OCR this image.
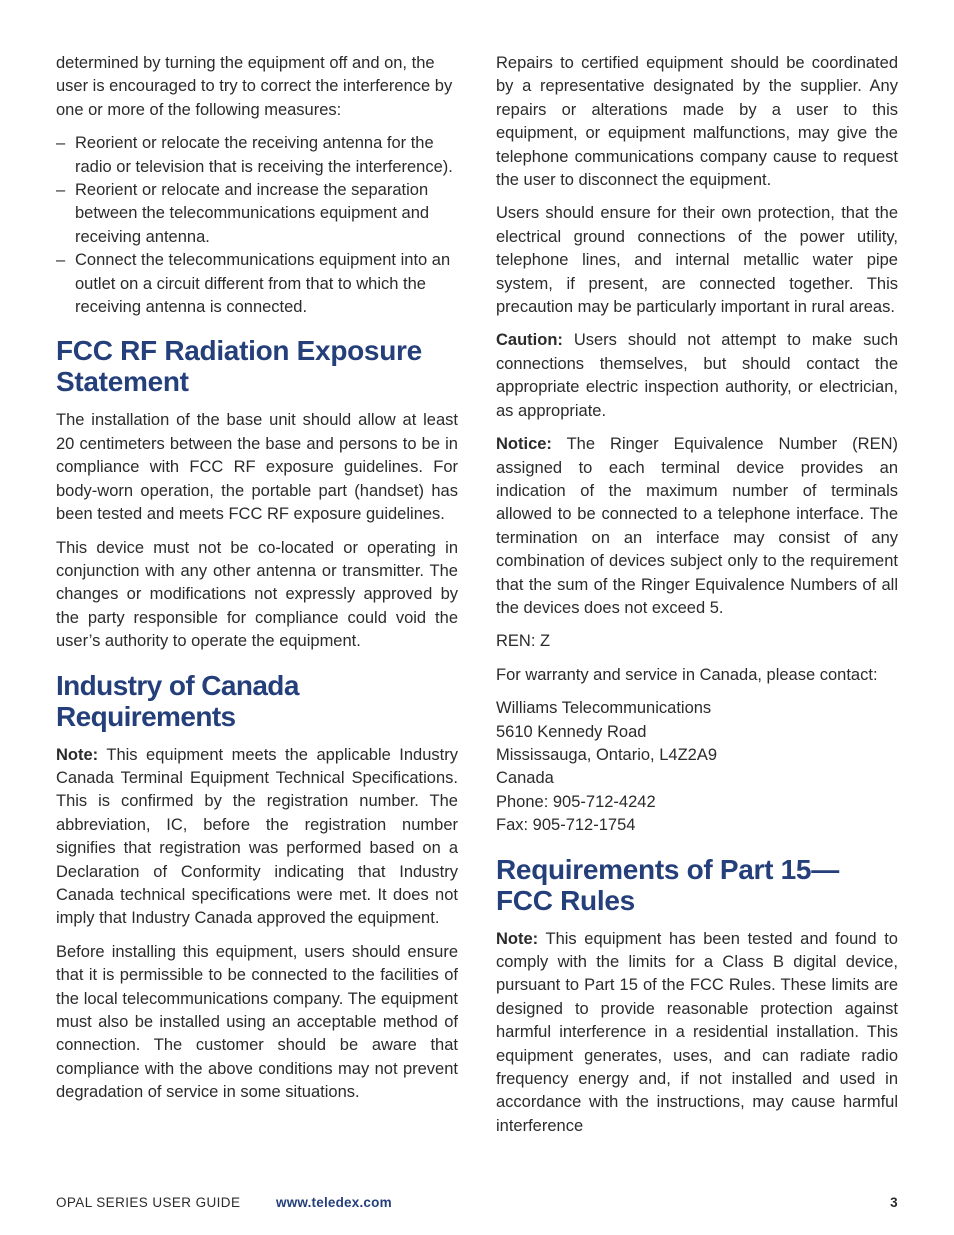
determined by turning the equipment off and on, the user is encouraged to try to correct the interference by one or more of the following measures:

– Reorient or relocate the receiving antenna for the radio or television that is receiving the interference).
– Reorient or relocate and increase the separation between the telecommunications equipment and receiving antenna.
– Connect the telecommunications equipment into an outlet on a circuit different from that to which the receiving antenna is connected.
FCC RF Radiation Exposure Statement

The installation of the base unit should allow at least 20 centimeters between the base and persons to be in compliance with FCC RF exposure guidelines. For body-worn operation, the portable part (handset) has been tested and meets FCC RF exposure guidelines.

This device must not be co-located or operating in conjunction with any other antenna or transmitter. The changes or modifications not expressly approved by the party responsible for compliance could void the user’s authority to operate the equipment.

Industry of Canada Requirements

Note: This equipment meets the applicable Industry Canada Terminal Equipment Technical Specifications. This is confirmed by the registration number. The abbreviation, IC, before the registration number signifies that registration was performed based on a Declaration of Conformity indicating that Industry Canada technical specifications were met. It does not imply that Industry Canada approved the equipment.

Before installing this equipment, users should ensure that it is permissible to be connected to the facilities of the local telecommunications company. The equipment must also be installed using an acceptable method of connection. The customer should be aware that compliance with the above conditions may not prevent degradation of service in some situations.

Repairs to certified equipment should be coordinated by a representative designated by the supplier. Any repairs or alterations made by a user to this equipment, or equipment malfunctions, may give the telephone communications company cause to request the user to disconnect the equipment.

Users should ensure for their own protection, that the electrical ground connections of the power utility, telephone lines, and internal metallic water pipe system, if present, are connected together. This precaution may be particularly important in rural areas.

Caution: Users should not attempt to make such connections themselves, but should contact the appropriate electric inspection authority, or electrician, as appropriate.

Notice: The Ringer Equivalence Number (REN) assigned to each terminal device provides an indication of the maximum number of terminals allowed to be connected to a telephone interface. The termination on an interface may consist of any combination of devices subject only to the requirement that the sum of the Ringer Equivalence Numbers of all the devices does not exceed 5.

REN: Z

For warranty and service in Canada, please contact:

Williams Telecommunications
5610 Kennedy Road
Mississauga, Ontario, L4Z2A9
Canada
Phone: 905-712-4242
Fax: 905-712-1754
Requirements of Part 15—
FCC Rules

Note: This equipment has been tested and found to comply with the limits for a Class B digital device, pursuant to Part 15 of the FCC Rules. These limits are designed to provide reasonable protection against harmful interference in a residential installation. This equipment generates, uses, and can radiate radio frequency energy and, if not installed and used in accordance with the instructions, may cause harmful interference

OPAL SERIES USER GUIDE	www.teledex.com	3
